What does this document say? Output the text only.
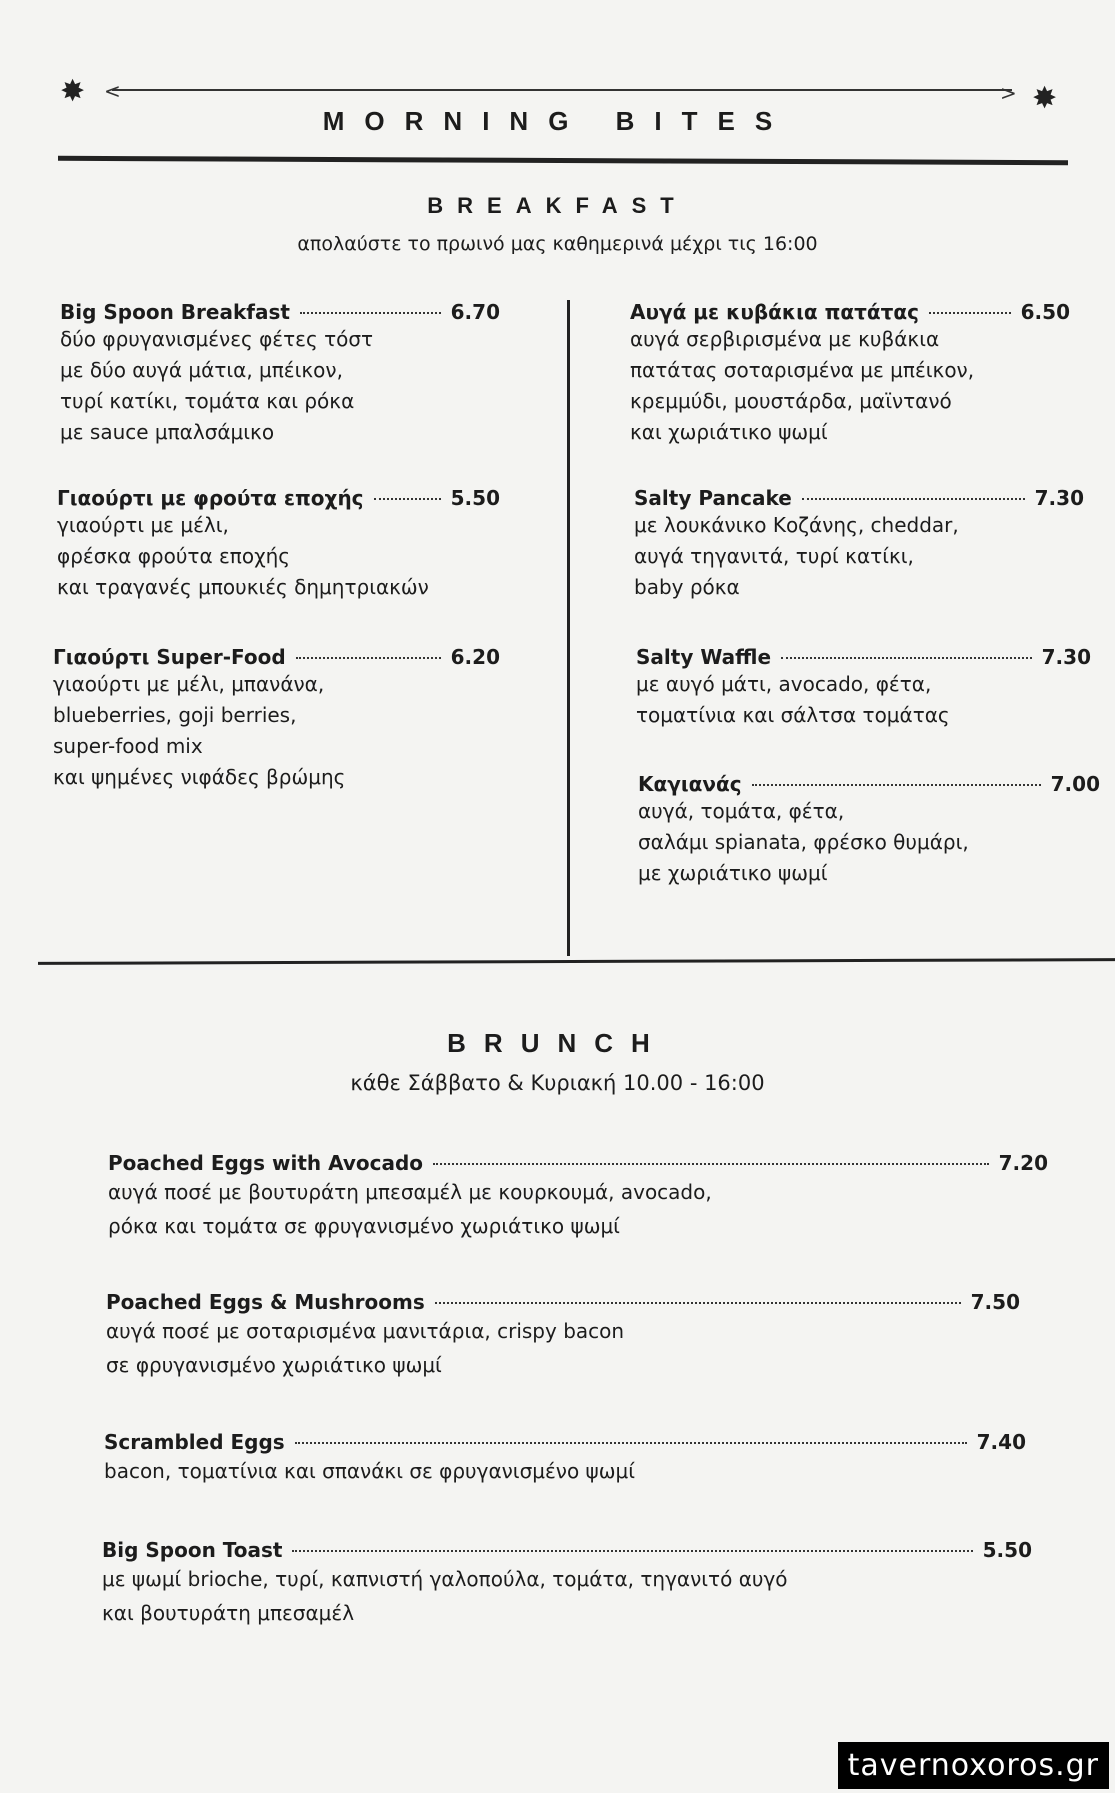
✸	✸
<	>
MORNING BITES
BREAKFAST
απολαύστε το πρωινό μας καθημερινά μέχρι τις 16:00
Big Spoon Breakfast	6.70
δύο φρυγανισμένες φέτες τόστ
με δύο αυγά μάτια, μπέικον,
τυρί κατίκι, τομάτα και ρόκα
με sauce μπαλσάμικο
Γιαούρτι με φρούτα εποχής	5.50
γιαούρτι με μέλι,
φρέσκα φρούτα εποχής
και τραγανές μπουκιές δημητριακών
Γιαούρτι Super-Food	6.20
γιαούρτι με μέλι, μπανάνα,
blueberries, goji berries,
super-food mix
και ψημένες νιφάδες βρώμης
Αυγά με κυβάκια πατάτας	6.50
αυγά σερβιρισμένα με κυβάκια
πατάτας σοταρισμένα με μπέικον,
κρεμμύδι, μουστάρδα, μαϊντανό
και χωριάτικο ψωμί
Salty Pancake	7.30
με λουκάνικο Κοζάνης, cheddar,
αυγά τηγανιτά, τυρί κατίκι,
baby ρόκα
Salty Waffle	7.30
με αυγό μάτι, avocado, φέτα,
τοματίνια και σάλτσα τομάτας
Καγιανάς	7.00
αυγά, τομάτα, φέτα,
σαλάμι spianata, φρέσκο θυμάρι,
με χωριάτικο ψωμί
BRUNCH
κάθε Σάββατο & Κυριακή 10.00 - 16:00
Poached Eggs with Avocado	7.20
αυγά ποσέ με βουτυράτη μπεσαμέλ με κουρκουμά, avocado,
ρόκα και τομάτα σε φρυγανισμένο χωριάτικο ψωμί
Poached Eggs & Mushrooms	7.50
αυγά ποσέ με σοταρισμένα μανιτάρια, crispy bacon
σε φρυγανισμένο χωριάτικο ψωμί
Scrambled Eggs	7.40
bacon, τοματίνια και σπανάκι σε φρυγανισμένο ψωμί
Big Spoon Toast	5.50
με ψωμί brioche, τυρί, καπνιστή γαλοπούλα, τομάτα, τηγανιτό αυγό
και βουτυράτη μπεσαμέλ
tavernoxoros.gr
